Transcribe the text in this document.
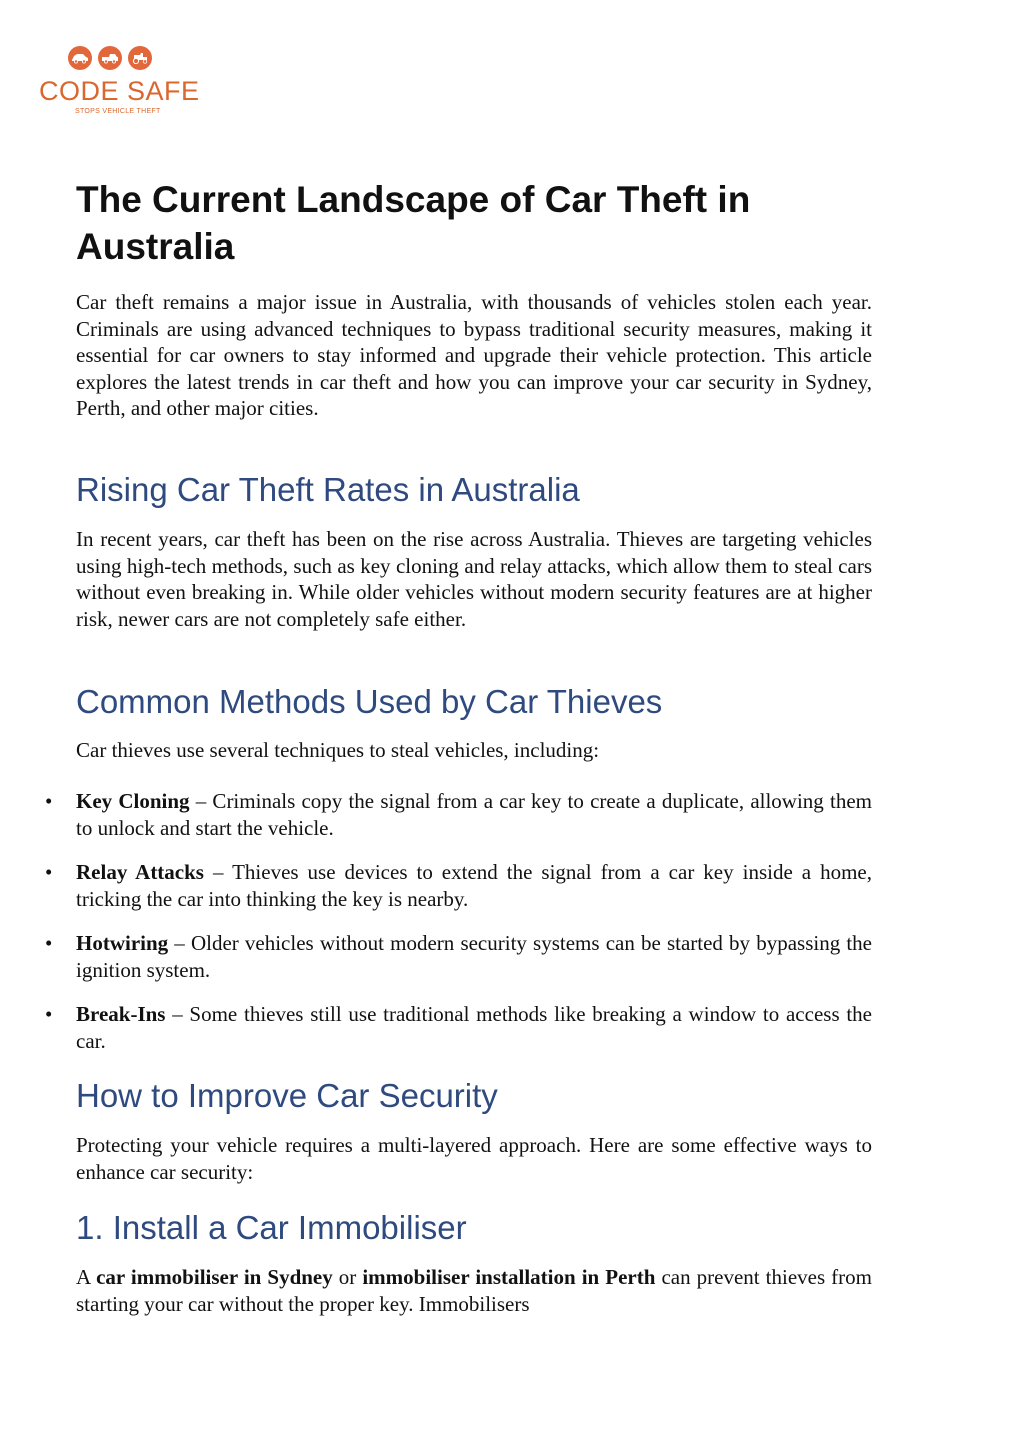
CODE SAFE
STOPS VEHICLE THEFT
The Current Landscape of Car Theft in Australia

Car theft remains a major issue in Australia, with thousands of vehicles stolen each year. Criminals are using advanced techniques to bypass traditional security measures, making it essential for car owners to stay informed and upgrade their vehicle protection. This article explores the latest trends in car theft and how you can improve your car security in Sydney, Perth, and other major cities.

Rising Car Theft Rates in Australia

In recent years, car theft has been on the rise across Australia. Thieves are targeting vehicles using high-tech methods, such as key cloning and relay attacks, which allow them to steal cars without even breaking in. While older vehicles without modern security features are at higher risk, newer cars are not completely safe either.

Common Methods Used by Car Thieves

Car thieves use several techniques to steal vehicles, including:

• Key Cloning – Criminals copy the signal from a car key to create a duplicate, allowing them to unlock and start the vehicle.
• Relay Attacks – Thieves use devices to extend the signal from a car key inside a home, tricking the car into thinking the key is nearby.
• Hotwiring – Older vehicles without modern security systems can be started by bypassing the ignition system.
• Break-Ins – Some thieves still use traditional methods like breaking a window to access the car.
How to Improve Car Security

Protecting your vehicle requires a multi-layered approach. Here are some effective ways to enhance car security:

1. Install a Car Immobiliser

A car immobiliser in Sydney or immobiliser installation in Perth can prevent thieves from starting your car without the proper key. Immobilisers
